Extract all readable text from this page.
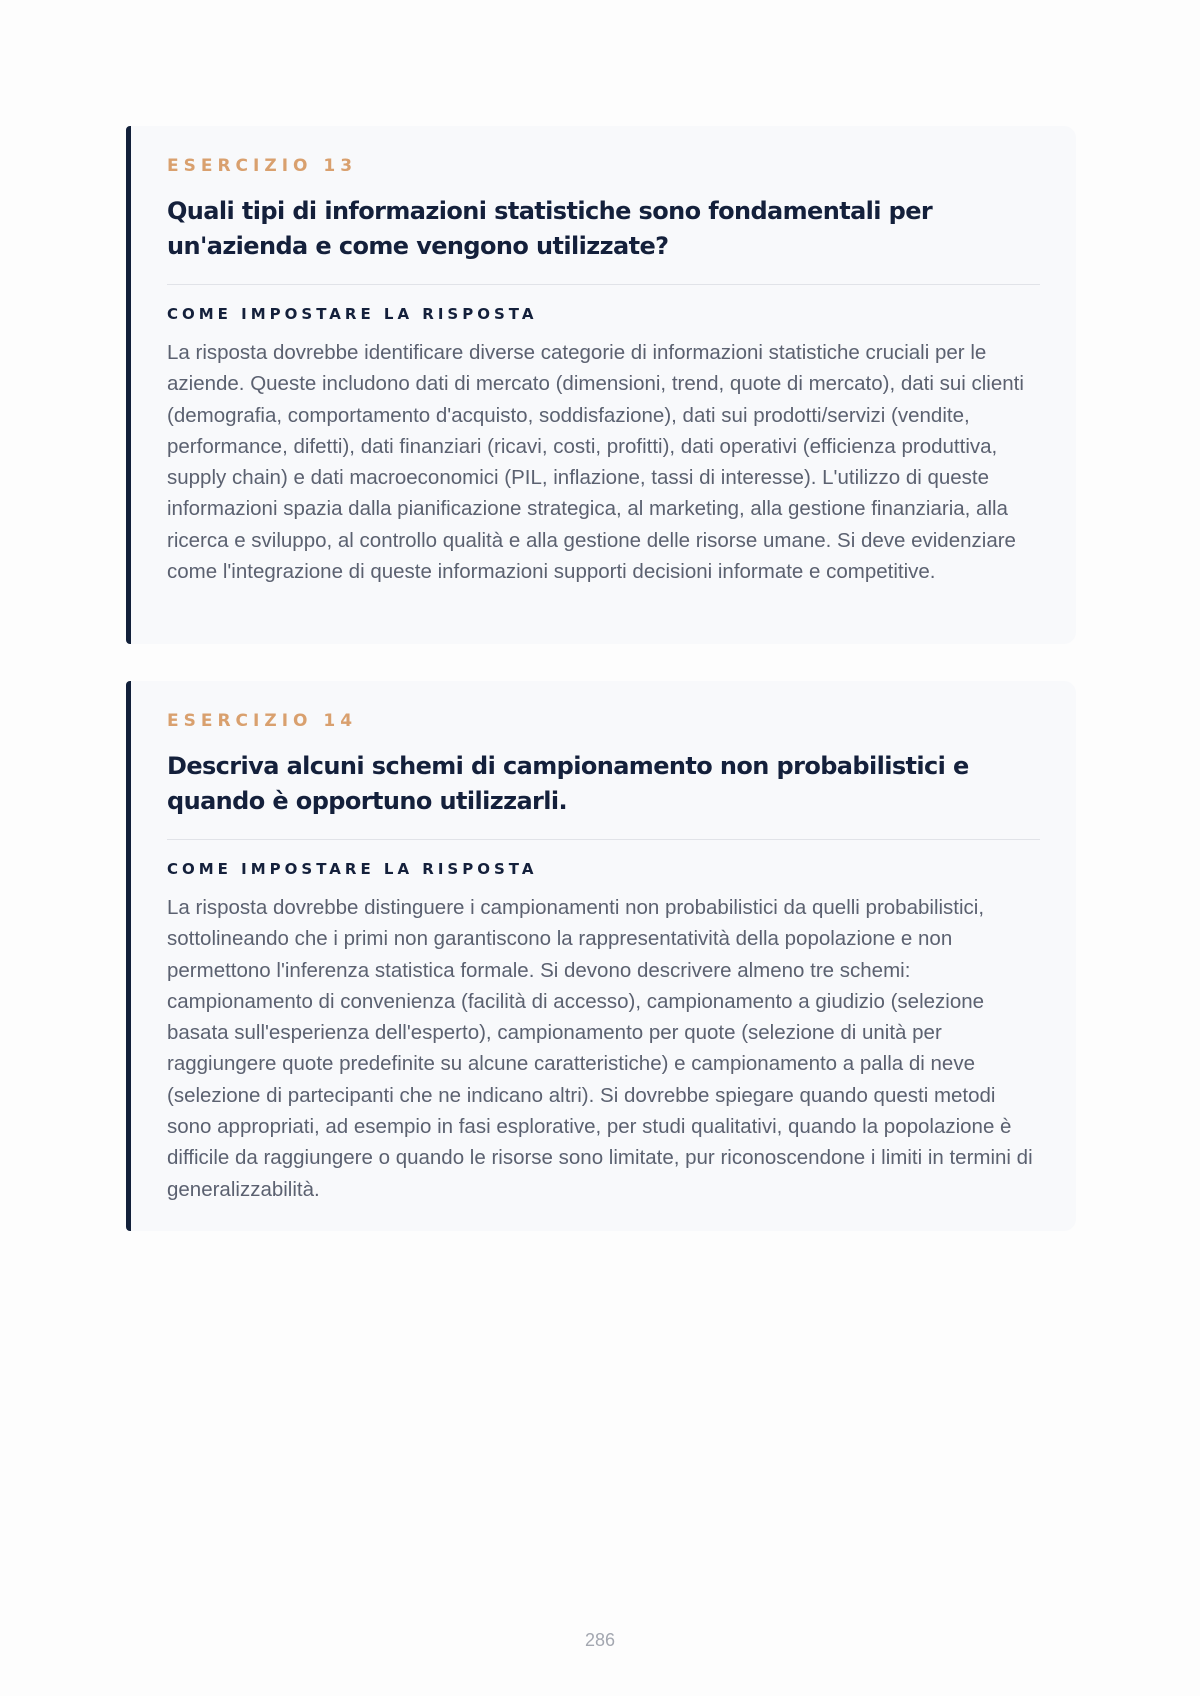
ESERCIZIO 13
Quali tipi di informazioni statistiche sono fondamentali per un'azienda e come vengono utilizzate?
COME IMPOSTARE LA RISPOSTA

La risposta dovrebbe identificare diverse categorie di informazioni statistiche cruciali per le aziende. Queste includono dati di mercato (dimensioni, trend, quote di mercato), dati sui clienti (demografia, comportamento d'acquisto, soddisfazione), dati sui prodotti/servizi (vendite, performance, difetti), dati finanziari (ricavi, costi, profitti), dati operativi (efficienza produttiva, supply chain) e dati macroeconomici (PIL, inflazione, tassi di interesse). L'utilizzo di queste informazioni spazia dalla pianificazione strategica, al marketing, alla gestione finanziaria, alla ricerca e sviluppo, al controllo qualità e alla gestione delle risorse umane. Si deve evidenziare come l'integrazione di queste informazioni supporti decisioni informate e competitive.

ESERCIZIO 14
Descriva alcuni schemi di campionamento non probabilistici e quando è opportuno utilizzarli.
COME IMPOSTARE LA RISPOSTA

La risposta dovrebbe distinguere i campionamenti non probabilistici da quelli probabilistici, sottolineando che i primi non garantiscono la rappresentatività della popolazione e non permettono l'inferenza statistica formale. Si devono descrivere almeno tre schemi: campionamento di convenienza (facilità di accesso), campionamento a giudizio (selezione basata sull'esperienza dell'esperto), campionamento per quote (selezione di unità per raggiungere quote predefinite su alcune caratteristiche) e campionamento a palla di neve (selezione di partecipanti che ne indicano altri). Si dovrebbe spiegare quando questi metodi sono appropriati, ad esempio in fasi esplorative, per studi qualitativi, quando la popolazione è difficile da raggiungere o quando le risorse sono limitate, pur riconoscendone i limiti in termini di generalizzabilità.

286
